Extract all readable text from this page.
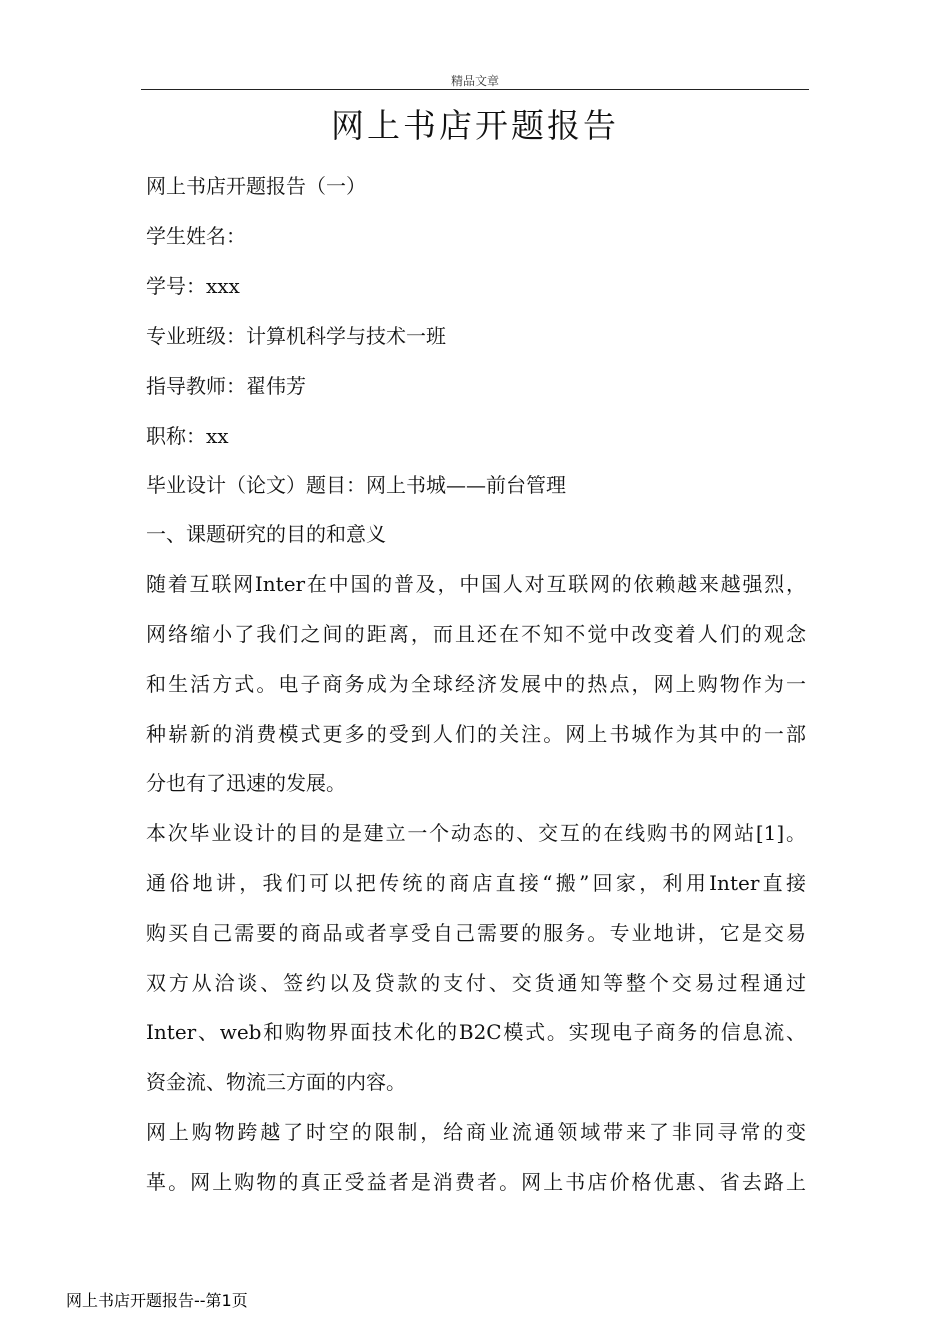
精品文章
网上书店开题报告
网上书店开题报告（一）
学生姓名：
学号：xxx
专业班级：计算机科学与技术一班
指导教师：翟伟芳
职称：xx
毕业设计（论文）题目：网上书城——前台管理
一、课题研究的目的和意义
随着互联网Inter在中国的普及，中国人对互联网的依赖越来越强烈，
网络缩小了我们之间的距离，而且还在不知不觉中改变着人们的观念
和生活方式。电子商务成为全球经济发展中的热点，网上购物作为一
种崭新的消费模式更多的受到人们的关注。网上书城作为其中的一部
分也有了迅速的发展。
本次毕业设计的目的是建立一个动态的、交互的在线购书的网站[1]。
通俗地讲，我们可以把传统的商店直接“搬”回家，利用Inter直接
购买自己需要的商品或者享受自己需要的服务。专业地讲，它是交易
双方从洽谈、签约以及贷款的支付、交货通知等整个交易过程通过
Inter、web和购物界面技术化的B2C模式。实现电子商务的信息流、
资金流、物流三方面的内容。
网上购物跨越了时空的限制，给商业流通领域带来了非同寻常的变
革。网上购物的真正受益者是消费者。网上书店价格优惠、省去路上
网上书店开题报告--第1页
